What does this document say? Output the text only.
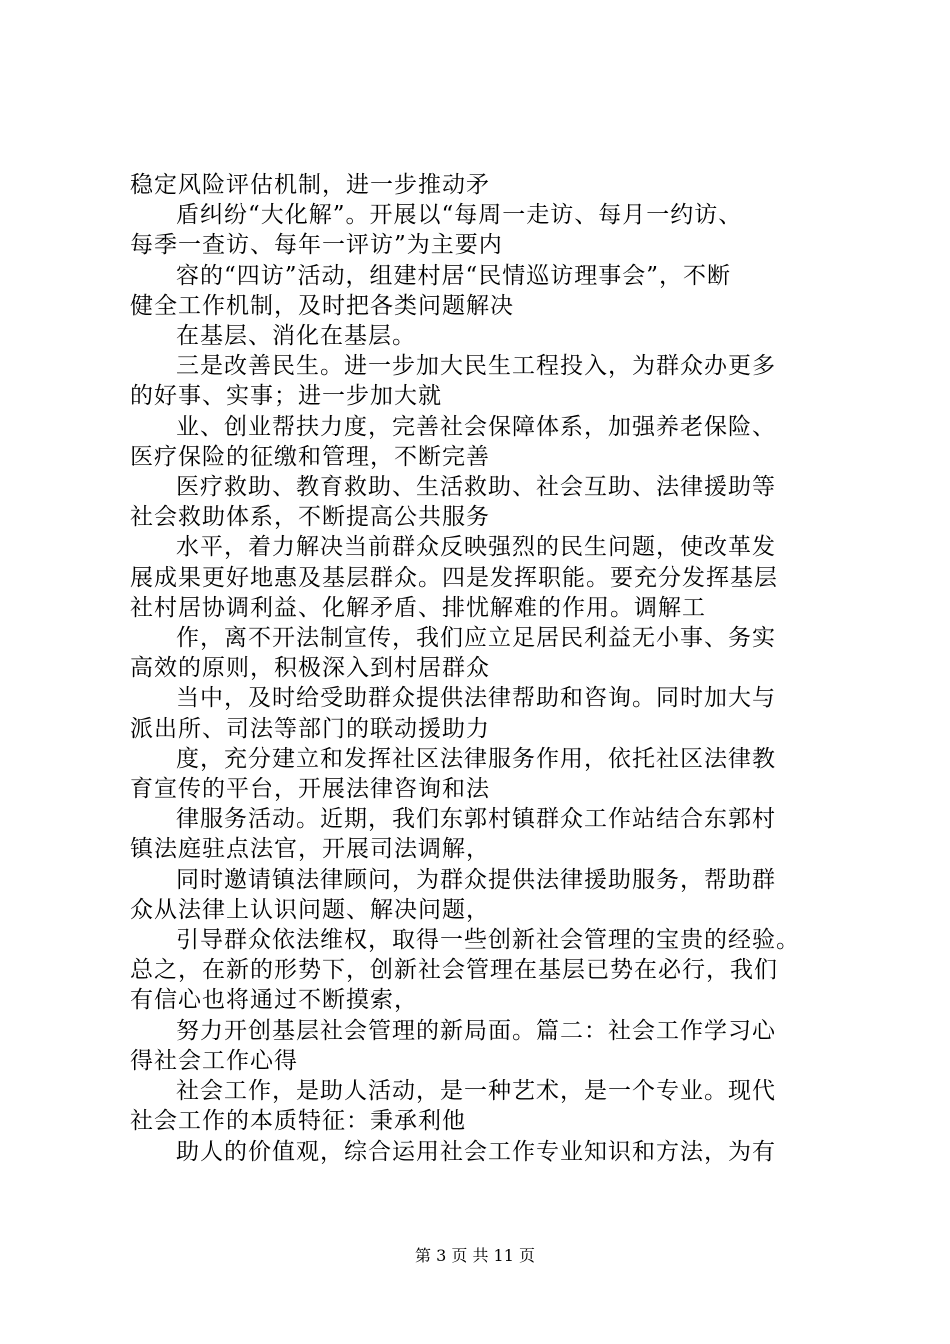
稳定风险评估机制，进一步推动矛
盾纠纷“大化解”。开展以“每周一走访、每月一约访、
每季一查访、每年一评访”为主要内
容的“四访”活动，组建村居“民情巡访理事会”，不断
健全工作机制，及时把各类问题解决
在基层、消化在基层。
三是改善民生。进一步加大民生工程投入，为群众办更多
的好事、实事；进一步加大就
业、创业帮扶力度，完善社会保障体系，加强养老保险、
医疗保险的征缴和管理，不断完善
医疗救助、教育救助、生活救助、社会互助、法律援助等
社会救助体系，不断提高公共服务
水平，着力解决当前群众反映强烈的民生问题，使改革发
展成果更好地惠及基层群众。四是发挥职能。要充分发挥基层
社村居协调利益、化解矛盾、排忧解难的作用。调解工
作，离不开法制宣传，我们应立足居民利益无小事、务实
高效的原则，积极深入到村居群众
当中，及时给受助群众提供法律帮助和咨询。同时加大与
派出所、司法等部门的联动援助力
度，充分建立和发挥社区法律服务作用，依托社区法律教
育宣传的平台，开展法律咨询和法
律服务活动。近期，我们东郭村镇群众工作站结合东郭村
镇法庭驻点法官，开展司法调解，
同时邀请镇法律顾问，为群众提供法律援助服务，帮助群
众从法律上认识问题、解决问题，
引导群众依法维权，取得一些创新社会管理的宝贵的经验。
总之，在新的形势下，创新社会管理在基层已势在必行，我们
有信心也将通过不断摸索，
努力开创基层社会管理的新局面。篇二：社会工作学习心
得社会工作心得
社会工作，是助人活动，是一种艺术，是一个专业。现代
社会工作的本质特征：秉承利他
助人的价值观，综合运用社会工作专业知识和方法，为有
第 3 页 共 11 页
